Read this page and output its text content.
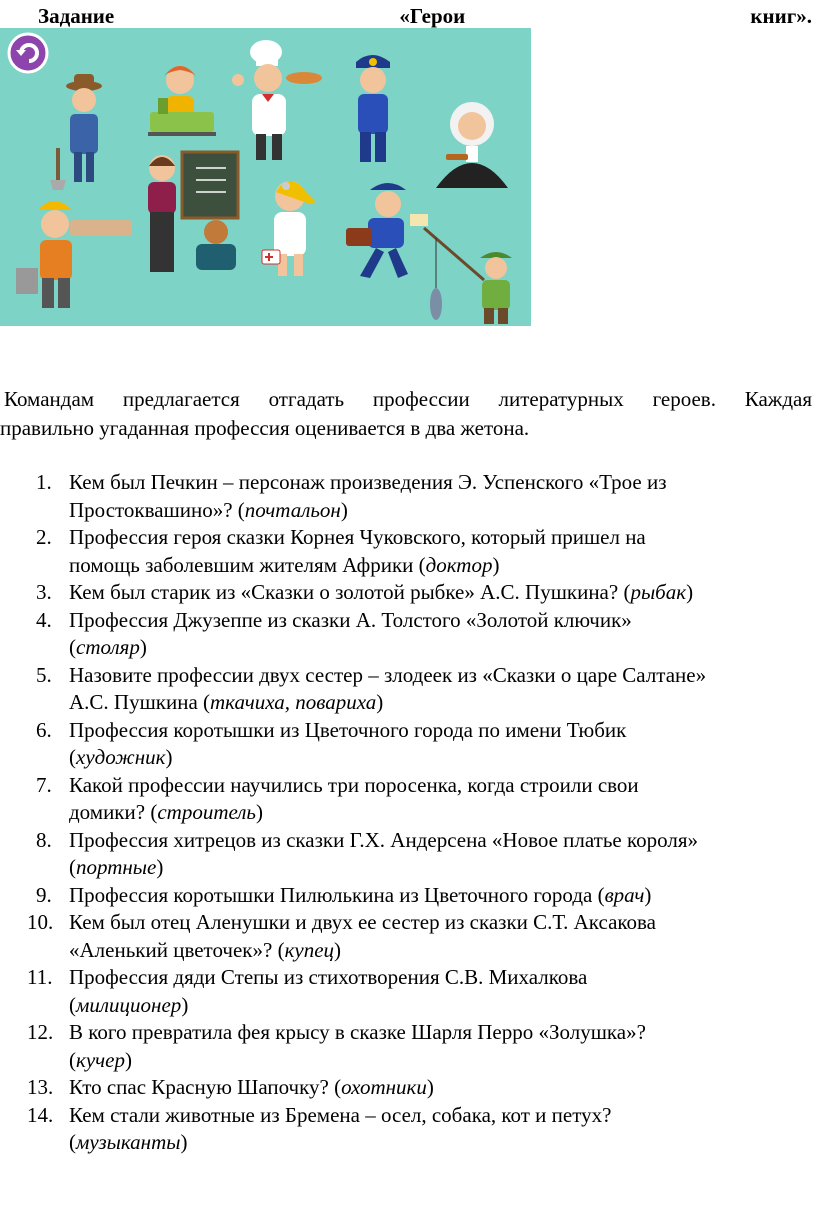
Задание	«Герои	книг».

Командам предлагается отгадать профессии литературных героев. Каждая

правильно угаданная профессия оценивается в два жетона.

1. Кем был Печкин – персонаж произведения Э. Успенского «Трое из
Простоквашино»? (почтальон)
2. Профессия героя сказки Корнея Чуковского, который пришел на
помощь заболевшим жителям Африки (доктор)
3. Кем был старик из «Сказки о золотой рыбке» А.С. Пушкина? (рыбак)
4. Профессия Джузеппе из сказки А. Толстого «Золотой ключик»
(столяр)
5. Назовите профессии двух сестер – злодеек из «Сказки о царе Салтане»
А.С. Пушкина (ткачиха, повариха)
6. Профессия коротышки из Цветочного города по имени Тюбик
(художник)
7. Какой профессии научились три поросенка, когда строили свои
домики? (строитель)
8. Профессия хитрецов из сказки Г.Х. Андерсена «Новое платье короля»
(портные)
9. Профессия коротышки Пилюлькина из Цветочного города (врач)
10. Кем был отец Аленушки и двух ее сестер из сказки С.Т. Аксакова
«Аленький цветочек»? (купец)
11. Профессия дяди Степы из стихотворения С.В. Михалкова
(милиционер)
12. В кого превратила фея крысу в сказке Шарля Перро «Золушка»?
(кучер)
13. Кто спас Красную Шапочку? (охотники)
14. Кем стали животные из Бремена – осел, собака, кот и петух?
(музыканты)
